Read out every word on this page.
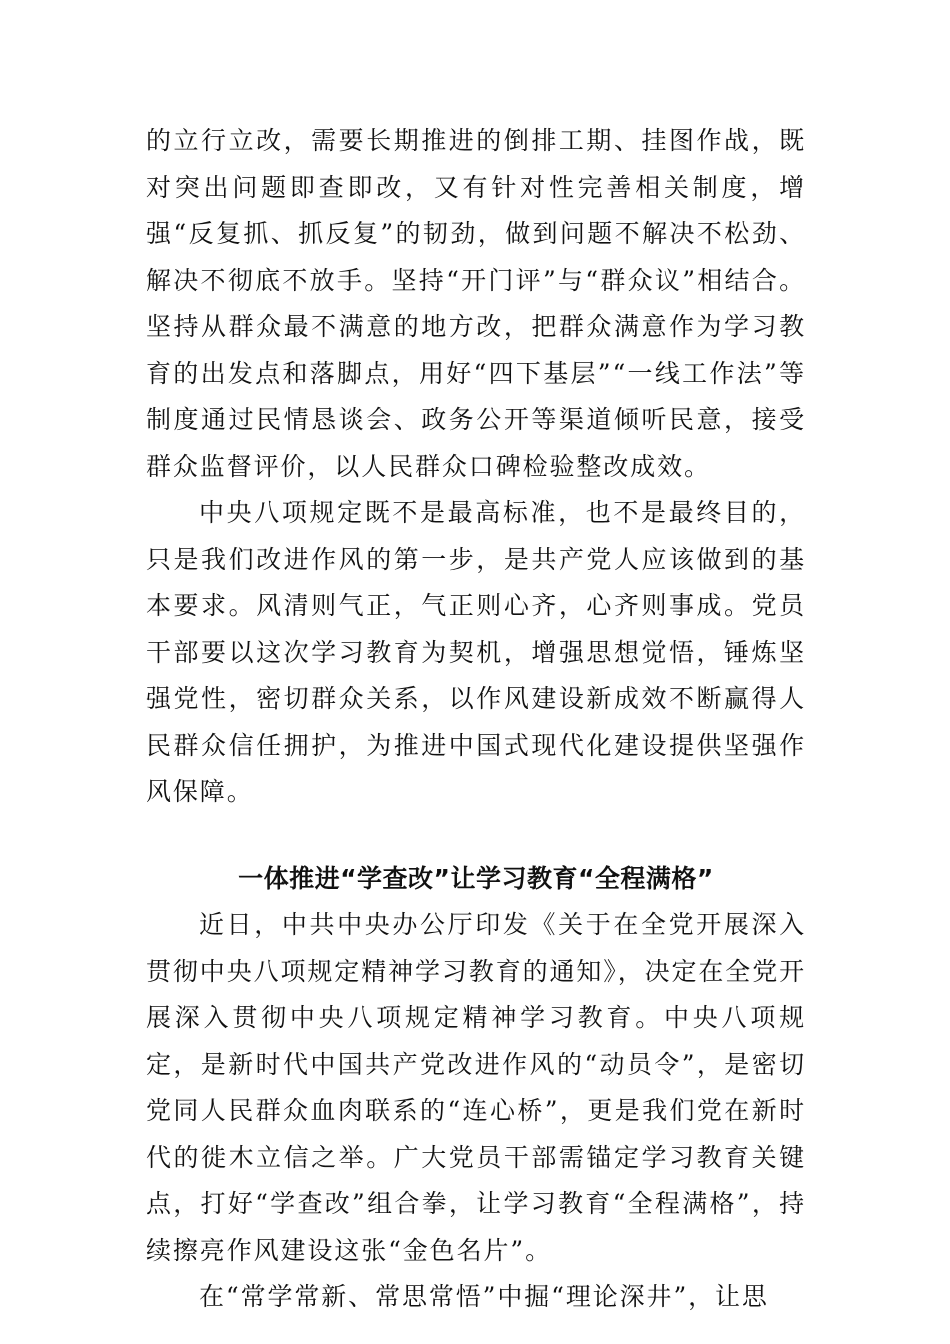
的立行立改，需要长期推进的倒排工期、挂图作战，既对突出问题即查即改，又有针对性完善相关制度，增强“反复抓、抓反复”的韧劲，做到问题不解决不松劲、解决不彻底不放手。坚持“开门评”与“群众议”相结合。坚持从群众最不满意的地方改，把群众满意作为学习教育的出发点和落脚点，用好“四下基层”“一线工作法”等制度通过民情恳谈会、政务公开等渠道倾听民意，接受群众监督评价，以人民群众口碑检验整改成效。

中央八项规定既不是最高标准，也不是最终目的，只是我们改进作风的第一步，是共产党人应该做到的基本要求。风清则气正，气正则心齐，心齐则事成。党员干部要以这次学习教育为契机，增强思想觉悟，锤炼坚强党性，密切群众关系，以作风建设新成效不断赢得人民群众信任拥护，为推进中国式现代化建设提供坚强作风保障。

一体推进“学查改”让学习教育“全程满格”

近日，中共中央办公厅印发《关于在全党开展深入贯彻中央八项规定精神学习教育的通知》，决定在全党开展深入贯彻中央八项规定精神学习教育。中央八项规定，是新时代中国共产党改进作风的“动员令”，是密切党同人民群众血肉联系的“连心桥”，更是我们党在新时代的徙木立信之举。广大党员干部需锚定学习教育关键点，打好“学查改”组合拳，让学习教育“全程满格”，持续擦亮作风建设这张“金色名片”。

在“常学常新、常思常悟”中掘“理论深井”，让思
